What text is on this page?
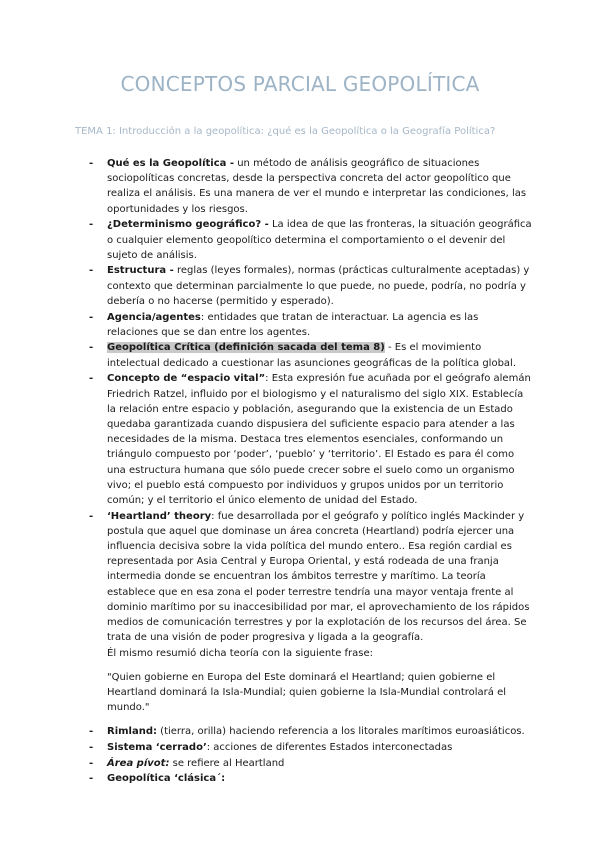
CONCEPTOS PARCIAL GEOPOLÍTICA
TEMA 1: Introducción a la geopolítica: ¿qué es la Geopolítica o la Geografía Política?
- Qué es la Geopolítica - un método de análisis geográfico de situaciones sociopolíticas concretas, desde la perspectiva concreta del actor geopolítico que realiza el análisis. Es una manera de ver el mundo e interpretar las condiciones, las oportunidades y los riesgos.
- ¿Determinismo geográfico? - La idea de que las fronteras, la situación geográfica o cualquier elemento geopolítico determina el comportamiento o el devenir del sujeto de análisis.
- Estructura - reglas (leyes formales), normas (prácticas culturalmente aceptadas) y contexto que determinan parcialmente lo que puede, no puede, podría, no podría y debería o no hacerse (permitido y esperado).
- Agencia/agentes: entidades que tratan de interactuar. La agencia es las relaciones que se dan entre los agentes.
- Geopolítica Crítica (definición sacada del tema 8) - Es el movimiento intelectual dedicado a cuestionar las asunciones geográficas de la política global.
- Concepto de “espacio vital”: Esta expresión fue acuñada por el geógrafo alemán Friedrich Ratzel, influido por el biologismo y el naturalismo del siglo XIX. Establecía la relación entre espacio y población, asegurando que la existencia de un Estado quedaba garantizada cuando dispusiera del suficiente espacio para atender a las necesidades de la misma. Destaca tres elementos esenciales, conformando un triángulo compuesto por ‘poder’, ‘pueblo’ y ‘territorio’. El Estado es para él como una estructura humana que sólo puede crecer sobre el suelo como un organismo vivo; el pueblo está compuesto por individuos y grupos unidos por un territorio común; y el territorio el único elemento de unidad del Estado.
- ‘Heartland’ theory: fue desarrollada por el geógrafo y político inglés Mackinder y postula que aquel que dominase un área concreta (Heartland) podría ejercer una influencia decisiva sobre la vida política del mundo entero.. Esa región cardial es representada por Asia Central y Europa Oriental, y está rodeada de una franja intermedia donde se encuentran los ámbitos terrestre y marítimo. La teoría establece que en esa zona el poder terrestre tendría una mayor ventaja frente al dominio marítimo por su inaccesibilidad por mar, el aprovechamiento de los rápidos medios de comunicación terrestres y por la explotación de los recursos del área. Se trata de una visión de poder progresiva y ligada a la geografía.
Él mismo resumió dicha teoría con la siguiente frase:
"Quien gobierne en Europa del Este dominará el Heartland; quien gobierne el Heartland dominará la Isla-Mundial; quien gobierne la Isla-Mundial controlará el mundo."
- Rimland: (tierra, orilla) haciendo referencia a los litorales marítimos euroasiáticos.
- Sistema ‘cerrado’: acciones de diferentes Estados interconectadas
- Área pívot: se refiere al Heartland
- Geopolítica ‘clásica´:
